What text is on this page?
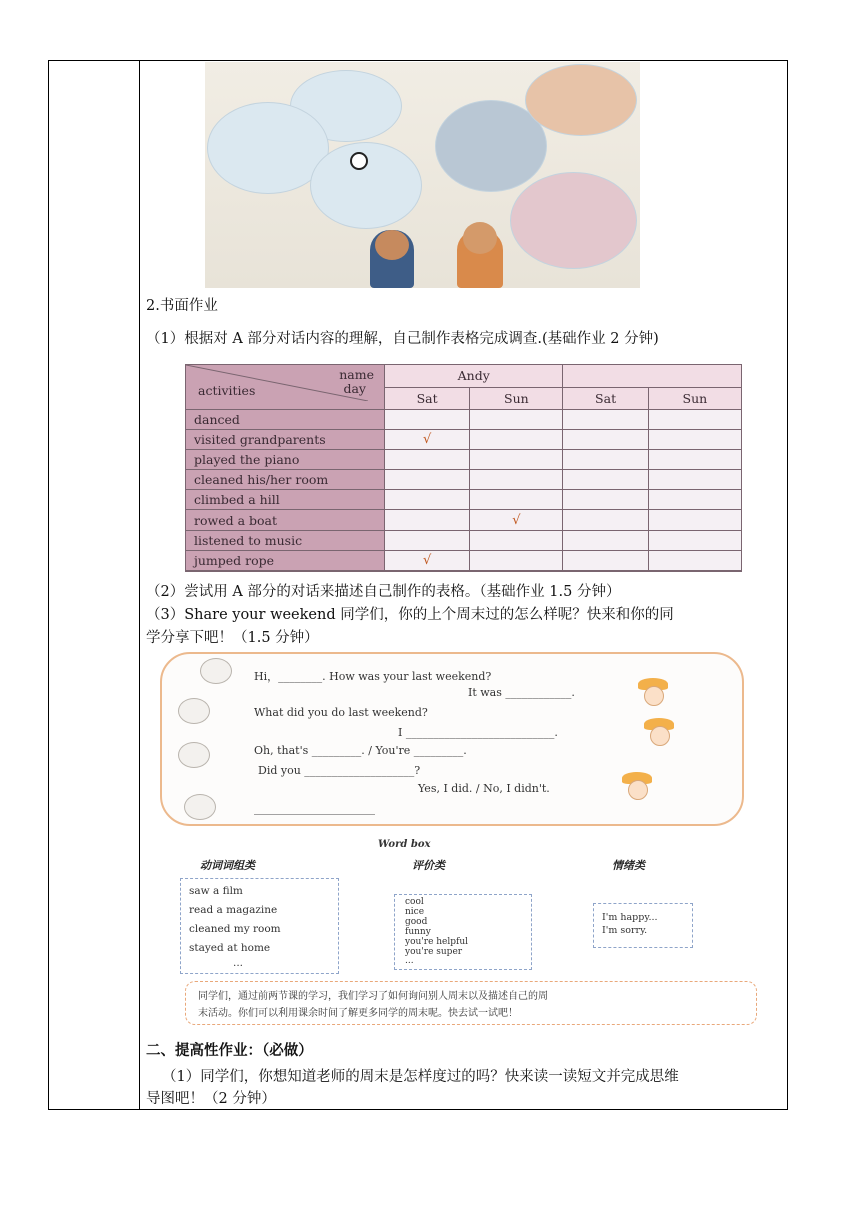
2.书面作业
（1）根据对 A 部分对话内容的理解，自己制作表格完成调查.(基础作业 2 分钟)
name
day
activities	Andy			
	Sat	Sun	Sat	Sun
danced				
visited grandparents	√			
played the piano				
cleaned his/her room				
climbed a hill				
rowed a boat		√		
listened to music				
jumped rope	√			

（2）尝试用 A 部分的对话来描述自己制作的表格。（基础作业 1.5 分钟）
（3）Share your weekend 同学们，你的上个周末过的怎么样呢？快来和你的同
学分享下吧！（1.5 分钟）
Hi，________. How was your last weekend?
It was ____________.
What did you do last weekend?
I ___________________________.
Oh, that's _________. / You're _________.
Did you ____________________?
Yes, I did. / No, I didn't.
______________________
Word box
动词词组类	评价类	情绪类
saw a film
read a magazine
cleaned my room
stayed at home
...
cool
nice
good
funny
you're helpful
you're super
...
I'm happy...
I'm sorry.
同学们，通过前两节课的学习，我们学习了如何询问别人周末以及描述自己的周
末活动。你们可以利用课余时间了解更多同学的周末呢。快去试一试吧！
二、提高性作业：（必做）
（1）同学们，你想知道老师的周末是怎样度过的吗？快来读一读短文并完成思维
导图吧！（2 分钟）
